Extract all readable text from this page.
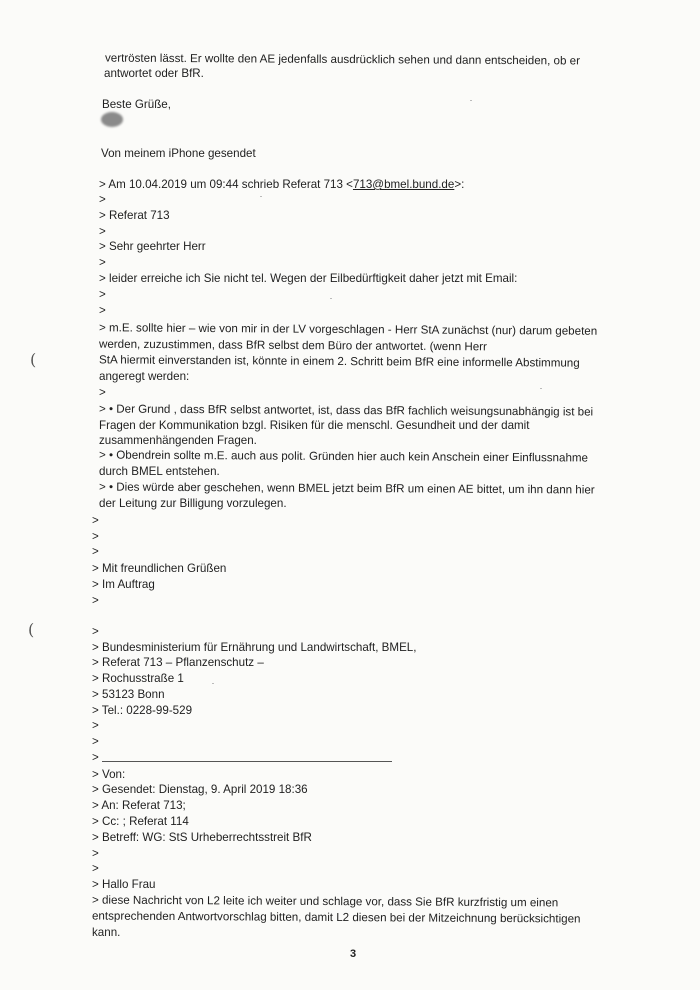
vertrösten lässt. Er wollte den AE jedenfalls ausdrücklich sehen und dann entscheiden, ob er
antwortet oder BfR.
Beste Grüße,
Von meinem iPhone gesendet
> Am 10.04.2019 um 09:44 schrieb Referat 713 <713@bmel.bund.de>:
>
> Referat 713
>
> Sehr geehrter Herr
>
> leider erreiche ich Sie nicht tel. Wegen der Eilbedürftigkeit daher jetzt mit Email:
>
>
> m.E. sollte hier – wie von mir in der LV vorgeschlagen - Herr StA zunächst (nur) darum gebeten
werden, zuzustimmen, dass BfR selbst dem Büro der antwortet. (wenn Herr
StA hiermit einverstanden ist, könnte in einem 2. Schritt beim BfR eine informelle Abstimmung
angeregt werden:
>
> • Der Grund , dass BfR selbst antwortet, ist, dass das BfR fachlich weisungsunabhängig ist bei
Fragen der Kommunikation bzgl. Risiken für die menschl. Gesundheit und der damit
zusammenhängenden Fragen.
> • Obendrein sollte m.E. auch aus polit. Gründen hier auch kein Anschein einer Einflussnahme
durch BMEL entstehen.
> • Dies würde aber geschehen, wenn BMEL jetzt beim BfR um einen AE bittet, um ihn dann hier
der Leitung zur Billigung vorzulegen.
>
>
>
> Mit freundlichen Grüßen
> Im Auftrag
>
>
> Bundesministerium für Ernährung und Landwirtschaft, BMEL,
> Referat 713 – Pflanzenschutz –
> Rochusstraße 1
> 53123 Bonn
> Tel.: 0228-99-529
>
>
>
> Von:
> Gesendet: Dienstag, 9. April 2019 18:36
> An: Referat 713;
> Cc: ; Referat 114
> Betreff: WG: StS Urheberrechtsstreit BfR
>
>
> Hallo Frau
> diese Nachricht von L2 leite ich weiter und schlage vor, dass Sie BfR kurzfristig um einen
entsprechenden Antwortvorschlag bitten, damit L2 diesen bei der Mitzeichnung berücksichtigen
kann.
(
(
3
